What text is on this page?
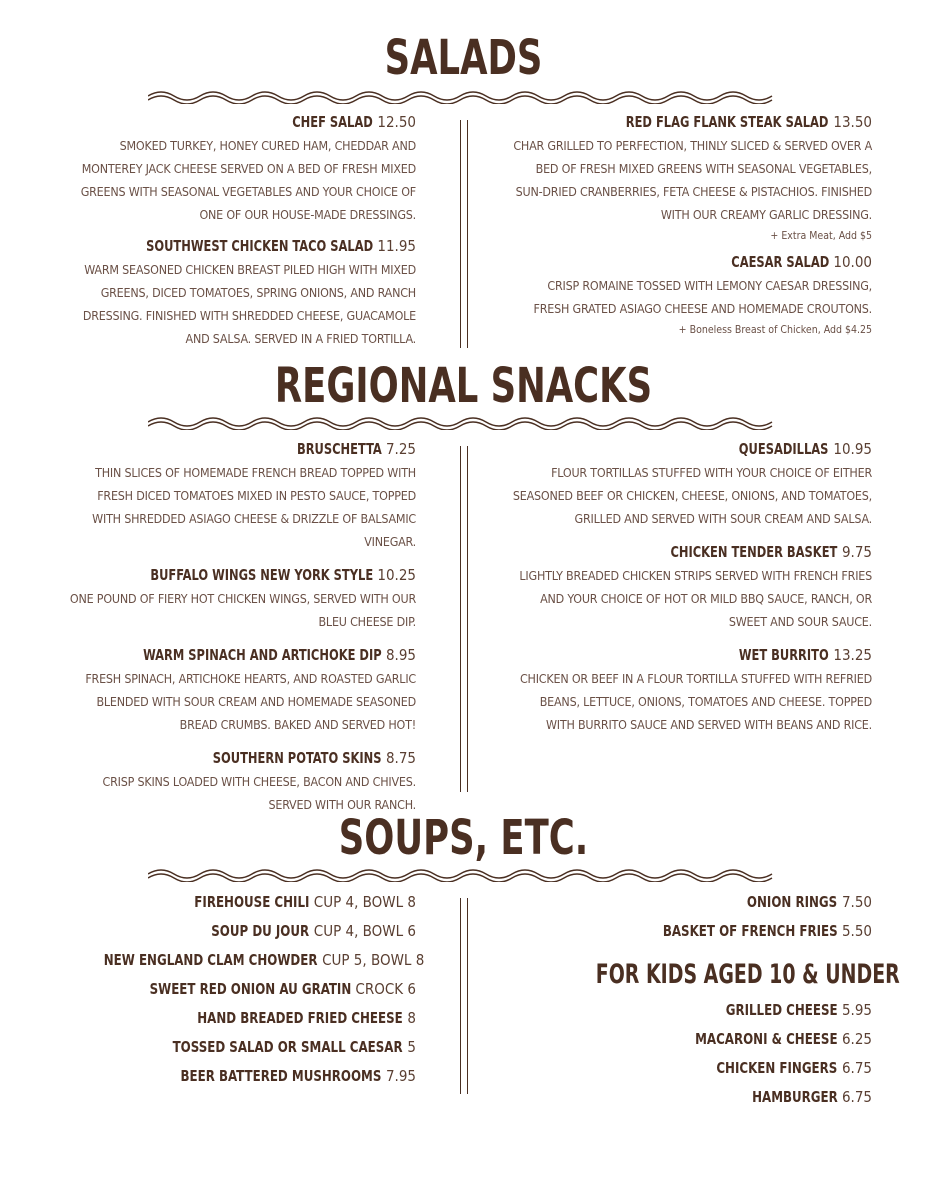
SALADS
CHEF SALAD 12.50
SMOKED TURKEY, HONEY CURED HAM, CHEDDAR AND MONTEREY JACK CHEESE SERVED ON A BED OF FRESH MIXED GREENS WITH SEASONAL VEGETABLES AND YOUR CHOICE OF ONE OF OUR HOUSE-MADE DRESSINGS.
SOUTHWEST CHICKEN TACO SALAD 11.95
WARM SEASONED CHICKEN BREAST PILED HIGH WITH MIXED GREENS, DICED TOMATOES, SPRING ONIONS, AND RANCH DRESSING. FINISHED WITH SHREDDED CHEESE, GUACAMOLE AND SALSA. SERVED IN A FRIED TORTILLA.
RED FLAG FLANK STEAK SALAD 13.50
CHAR GRILLED TO PERFECTION, THINLY SLICED & SERVED OVER A BED OF FRESH MIXED GREENS WITH SEASONAL VEGETABLES, SUN-DRIED CRANBERRIES, FETA CHEESE & PISTACHIOS. FINISHED WITH OUR CREAMY GARLIC DRESSING.
+ Extra Meat, Add $5
CAESAR SALAD 10.00
CRISP ROMAINE TOSSED WITH LEMONY CAESAR DRESSING, FRESH GRATED ASIAGO CHEESE AND HOMEMADE CROUTONS.
+ Boneless Breast of Chicken, Add $4.25
REGIONAL SNACKS
BRUSCHETTA 7.25
THIN SLICES OF HOMEMADE FRENCH BREAD TOPPED WITH FRESH DICED TOMATOES MIXED IN PESTO SAUCE, TOPPED WITH SHREDDED ASIAGO CHEESE & DRIZZLE OF BALSAMIC VINEGAR.
BUFFALO WINGS NEW YORK STYLE 10.25
ONE POUND OF FIERY HOT CHICKEN WINGS, SERVED WITH OUR BLEU CHEESE DIP.
WARM SPINACH AND ARTICHOKE DIP 8.95
FRESH SPINACH, ARTICHOKE HEARTS, AND ROASTED GARLIC BLENDED WITH SOUR CREAM AND HOMEMADE SEASONED BREAD CRUMBS. BAKED AND SERVED HOT!
SOUTHERN POTATO SKINS 8.75
CRISP SKINS LOADED WITH CHEESE, BACON AND CHIVES. SERVED WITH OUR RANCH.
QUESADILLAS 10.95
FLOUR TORTILLAS STUFFED WITH YOUR CHOICE OF EITHER SEASONED BEEF OR CHICKEN, CHEESE, ONIONS, AND TOMATOES, GRILLED AND SERVED WITH SOUR CREAM AND SALSA.
CHICKEN TENDER BASKET 9.75
LIGHTLY BREADED CHICKEN STRIPS SERVED WITH FRENCH FRIES AND YOUR CHOICE OF HOT OR MILD BBQ SAUCE, RANCH, OR SWEET AND SOUR SAUCE.
WET BURRITO 13.25
CHICKEN OR BEEF IN A FLOUR TORTILLA STUFFED WITH REFRIED BEANS, LETTUCE, ONIONS, TOMATOES AND CHEESE. TOPPED WITH BURRITO SAUCE AND SERVED WITH BEANS AND RICE.
SOUPS, ETC.
FIREHOUSE CHILI CUP 4, BOWL 8
SOUP DU JOUR CUP 4, BOWL 6
NEW ENGLAND CLAM CHOWDER CUP 5, BOWL 8
SWEET RED ONION AU GRATIN CROCK 6
HAND BREADED FRIED CHEESE 8
TOSSED SALAD OR SMALL CAESAR 5
BEER BATTERED MUSHROOMS 7.95
ONION RINGS 7.50
BASKET OF FRENCH FRIES 5.50
FOR KIDS AGED 10 & UNDER
GRILLED CHEESE 5.95
MACARONI & CHEESE 6.25
CHICKEN FINGERS 6.75
HAMBURGER 6.75
